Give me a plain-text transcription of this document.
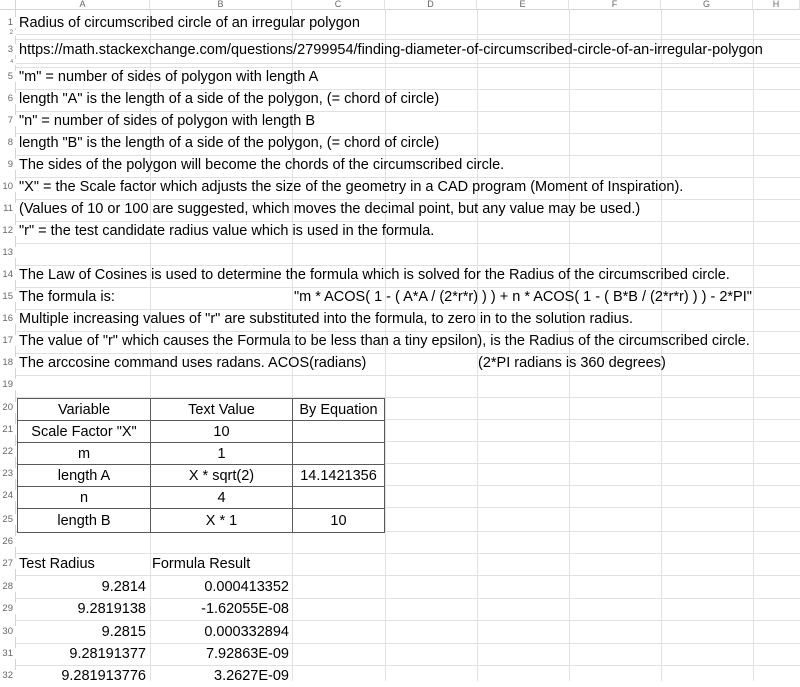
A	B	C	D	E	F	G	H
1
2
3
4
5
6
7
8
9
10
11
12
13
14
15
16
17
18
19
20
21
22
23
24
25
26
27
28
29
30
31
32
Radius of circumscribed circle of an irregular polygon
https://math.stackexchange.com/questions/2799954/finding-diameter-of-circumscribed-circle-of-an-irregular-polygon
"m" = number of sides of polygon with length A
length "A" is the length of a side of the polygon, (= chord of circle)
"n" = number of sides of polygon with length B
length "B" is the length of a side of the polygon, (= chord of circle)
The sides of the polygon will become the chords of the circumscribed circle.
"X" = the Scale factor which adjusts the size of the geometry in a CAD program (Moment of Inspiration).
(Values of 10 or 100 are suggested, which moves the decimal point, but any value may be used.)
"r" = the test candidate radius value which is used in the formula.
The Law of Cosines is used to determine the formula which is solved for the Radius of the circumscribed circle.
The formula is:	"m * ACOS( 1 - ( A*A / (2*r*r) ) ) + n * ACOS( 1 - ( B*B / (2*r*r) ) ) - 2*PI"
Multiple increasing values of "r" are substituted into the formula, to zero in to the solution radius.
The value of "r" which causes the Formula to be less than a tiny epsilon), is the Radius of the circumscribed circle.
The arccosine command uses radans. ACOS(radians)	(2*PI radians is 360 degrees)
Variable	Text Value	By Equation
Scale Factor "X"	10	
m	1	
length A	X * sqrt(2)	14.1421356
n	4	
length B	X * 1	10
Test Radius	Formula Result
9.2814	0.000413352
9.2819138	-1.62055E-08
9.2815	0.000332894
9.28191377	7.92863E-09
9.281913776	3.2627E-09
